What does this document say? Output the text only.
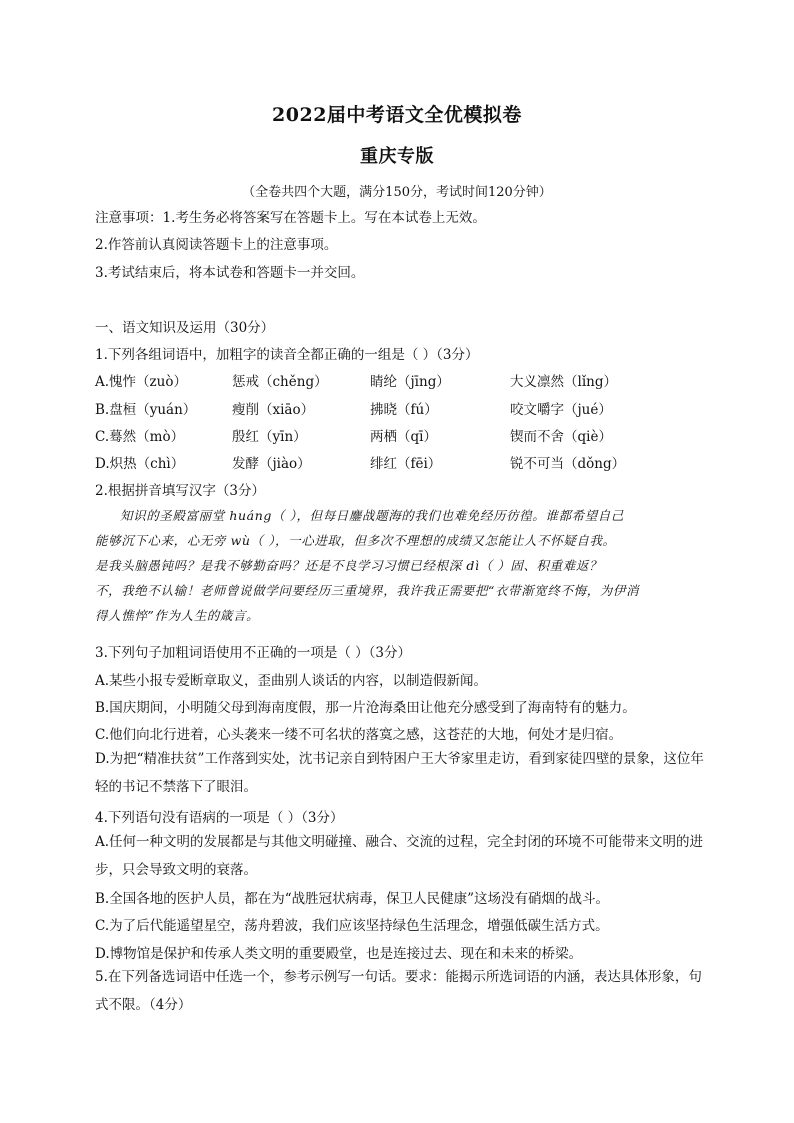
2022届中考语文全优模拟卷
重庆专版
（全卷共四个大题，满分150分，考试时间120分钟）
注意事项：1.考生务必将答案写在答题卡上。写在本试卷上无效。
2.作答前认真阅读答题卡上的注意事项。
3.考试结束后，将本试卷和答题卡一并交回。
一、语文知识及运用（30分）
1.下列各组词语中，加粗字的读音全都正确的一组是（ ）（3分）
A.愧怍（zuò）	惩戒（chěng）	睛纶（jīng）	大义凛然（lǐng）
B.盘桓（yuán）	瘦削（xiāo）	拂晓（fú）	咬文嚼字（jué）
C.蓦然（mò）	殷红（yīn）	两栖（qī）	锲而不舍（qiè）
D.炽热（chì）	发酵（jiào）	绯红（fēi）	锐不可当（dǒng）
2.根据拼音填写汉字（3分）
知识的圣殿富丽堂 huáng（ ），但每日鏖战题海的我们也难免经历彷徨。谁都希望自己
能够沉下心来，心无旁 wù（ ），一心进取，但多次不理想的成绩又怎能让人不怀疑自我。
是我头脑愚钝吗？是我不够勤奋吗？还是不良学习习惯已经根深 dì（ ）固、积重难返？
不，我绝不认输！老师曾说做学问要经历三重境界，我许我正需要把“衣带渐宽终不悔，为伊消
得人憔悴”作为人生的箴言。
3.下列句子加粗词语使用不正确的一项是（ ）（3分）
A.某些小报专爱断章取义，歪曲别人谈话的内容，以制造假新闻。
B.国庆期间，小明随父母到海南度假，那一片沧海桑田让他充分感受到了海南特有的魅力。
C.他们向北行进着，心头袭来一缕不可名状的落寞之感，这苍茫的大地，何处才是归宿。
D.为把“精准扶贫”工作落到实处，沈书记亲自到特困户王大爷家里走访，看到家徒四壁的景象，这位年轻的书记不禁落下了眼泪。
4.下列语句没有语病的一项是（ ）（3分）
A.任何一种文明的发展都是与其他文明碰撞、融合、交流的过程，完全封闭的环境不可能带来文明的进步，只会导致文明的衰落。
B.全国各地的医护人员，都在为“战胜冠状病毒，保卫人民健康”这场没有硝烟的战斗。
C.为了后代能遥望星空，荡舟碧波，我们应该坚持绿色生活理念，增强低碳生活方式。
D.博物馆是保护和传承人类文明的重要殿堂，也是连接过去、现在和未来的桥梁。
5.在下列备选词语中任选一个，参考示例写一句话。要求：能揭示所选词语的内涵，表达具体形象，句式不限。（4分）
